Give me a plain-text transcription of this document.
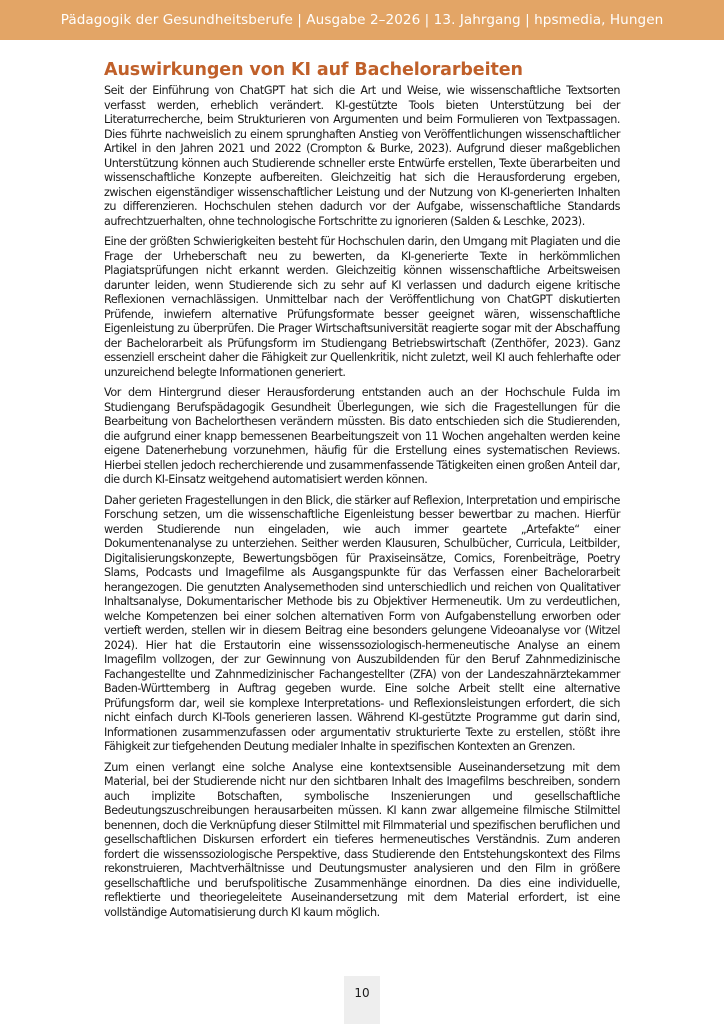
Pädagogik der Gesundheitsberufe | Ausgabe 2–2026 | 13. Jahrgang | hpsmedia, Hungen
Auswirkungen von KI auf Bachelorarbeiten

Seit der Einführung von ChatGPT hat sich die Art und Weise, wie wissenschaftliche Textsorten verfasst werden, erheblich verändert. KI-gestützte Tools bieten Unterstützung bei der Literaturrecherche, beim Strukturieren von Argumenten und beim Formulieren von Textpassagen. Dies führte nachweislich zu einem sprunghaften Anstieg von Veröffentlichungen wissenschaftlicher Artikel in den Jahren 2021 und 2022 (Crompton & Burke, 2023). Aufgrund dieser maßgeblichen Unterstützung können auch Studierende schneller erste Entwürfe erstellen, Texte überarbeiten und wissenschaftliche Konzepte aufbereiten. Gleichzeitig hat sich die Herausforderung ergeben, zwischen eigenständiger wissenschaftlicher Leistung und der Nutzung von KI-generierten Inhalten zu differenzieren. Hochschulen stehen dadurch vor der Aufgabe, wissenschaftliche Standards aufrechtzuerhalten, ohne technologische Fortschritte zu ignorieren (Salden & Leschke, 2023).

Eine der größten Schwierigkeiten besteht für Hochschulen darin, den Umgang mit Plagiaten und die Frage der Urheberschaft neu zu bewerten, da KI-generierte Texte in herkömmlichen Plagiatsprüfungen nicht erkannt werden. Gleichzeitig können wissenschaftliche Arbeitsweisen darunter leiden, wenn Studierende sich zu sehr auf KI verlassen und dadurch eigene kritische Reflexionen vernachlässigen. Unmittelbar nach der Veröffentlichung von ChatGPT diskutierten Prüfende, inwiefern alternative Prüfungsformate besser geeignet wären, wissenschaftliche Eigenleistung zu überprüfen. Die Prager Wirtschaftsuniversität reagierte sogar mit der Abschaffung der Bachelorarbeit als Prüfungsform im Studiengang Betriebswirtschaft (Zenthöfer, 2023). Ganz essenziell erscheint daher die Fähigkeit zur Quellenkritik, nicht zuletzt, weil KI auch fehlerhafte oder unzureichend belegte Informationen generiert.

Vor dem Hintergrund dieser Herausforderung entstanden auch an der Hochschule Fulda im Studiengang Berufspädagogik Gesundheit Überlegungen, wie sich die Fragestellungen für die Bearbeitung von Bachelorthesen verändern müssten. Bis dato entschieden sich die Studierenden, die aufgrund einer knapp bemessenen Bearbeitungszeit von 11 Wochen angehalten werden keine eigene Datenerhebung vorzunehmen, häufig für die Erstellung eines systematischen Reviews. Hierbei stellen jedoch recherchierende und zusammenfassende Tätigkeiten einen großen Anteil dar, die durch KI-Einsatz weitgehend automatisiert werden können.

Daher gerieten Fragestellungen in den Blick, die stärker auf Reflexion, Interpretation und empirische Forschung setzen, um die wissenschaftliche Eigenleistung besser bewertbar zu machen. Hierfür werden Studierende nun eingeladen, wie auch immer geartete „Artefakte“ einer Dokumentenanalyse zu unterziehen. Seither werden Klausuren, Schulbücher, Curricula, Leitbilder, Digitalisierungskonzepte, Bewertungsbögen für Praxiseinsätze, Comics, Forenbeiträge, Poetry Slams, Podcasts und Imagefilme als Ausgangspunkte für das Verfassen einer Bachelorarbeit herangezogen. Die genutzten Analysemethoden sind unterschiedlich und reichen von Qualitativer Inhaltsanalyse, Dokumentarischer Methode bis zu Objektiver Hermeneutik. Um zu verdeutlichen, welche Kompetenzen bei einer solchen alternativen Form von Aufgabenstellung erworben oder vertieft werden, stellen wir in diesem Beitrag eine besonders gelungene Videoanalyse vor (Witzel 2024). Hier hat die Erstautorin eine wissenssoziologisch-hermeneutische Analyse an einem Imagefilm vollzogen, der zur Gewinnung von Auszubildenden für den Beruf Zahnmedizinische Fachangestellte und Zahnmedizinischer Fachangestellter (ZFA) von der Landeszahnärztekammer Baden-Württemberg in Auftrag gegeben wurde. Eine solche Arbeit stellt eine alternative Prüfungsform dar, weil sie komplexe Interpretations- und Reflexionsleistungen erfordert, die sich nicht einfach durch KI-Tools generieren lassen. Während KI-gestützte Programme gut darin sind, Informationen zusammenzufassen oder argumentativ strukturierte Texte zu erstellen, stößt ihre Fähigkeit zur tiefgehenden Deutung medialer Inhalte in spezifischen Kontexten an Grenzen.

Zum einen verlangt eine solche Analyse eine kontextsensible Auseinandersetzung mit dem Material, bei der Studierende nicht nur den sichtbaren Inhalt des Imagefilms beschreiben, sondern auch implizite Botschaften, symbolische Inszenierungen und gesellschaftliche Bedeutungszuschreibungen herausarbeiten müssen. KI kann zwar allgemeine filmische Stilmittel benennen, doch die Verknüpfung dieser Stilmittel mit Filmmaterial und spezifischen beruflichen und gesellschaftlichen Diskursen erfordert ein tieferes hermeneutisches Verständnis. Zum anderen fordert die wissenssoziologische Perspektive, dass Studierende den Entstehungskontext des Films rekonstruieren, Machtverhältnisse und Deutungsmuster analysieren und den Film in größere gesellschaftliche und berufspolitische Zusammenhänge einordnen. Da dies eine individuelle, reflektierte und theoriegeleitete Auseinandersetzung mit dem Material erfordert, ist eine vollständige Automatisierung durch KI kaum möglich.

10
